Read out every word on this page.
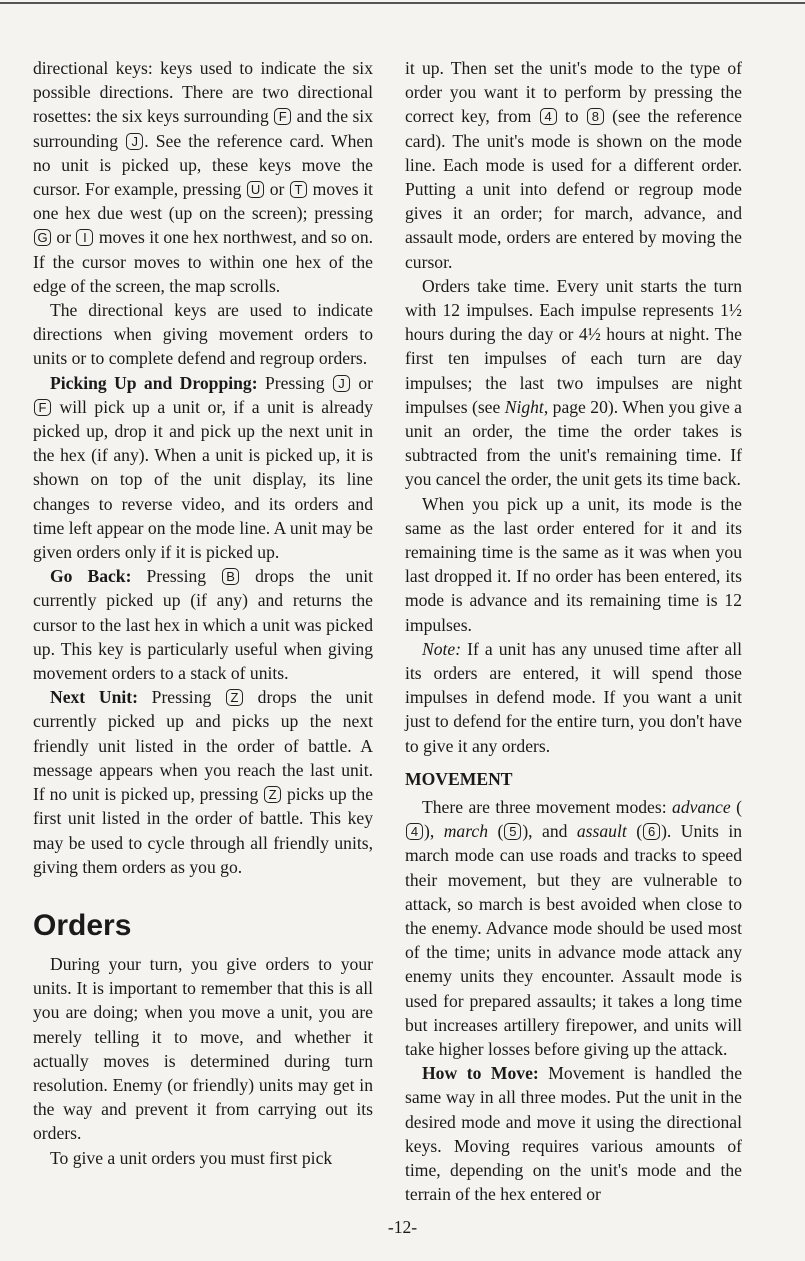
directional keys: keys used to indicate the six possible directions. There are two directional rosettes: the six keys surrounding F and the six surrounding J . See the reference card. When no unit is picked up, these keys move the cursor. For example, pressing U or T moves it one hex due west (up on the screen); pressing G or I moves it one hex northwest, and so on. If the cursor moves to within one hex of the edge of the screen, the map scrolls.

The directional keys are used to indicate directions when giving movement orders to units or to complete defend and regroup orders.

Picking Up and Dropping: Pressing J or F will pick up a unit or, if a unit is already picked up, drop it and pick up the next unit in the hex (if any). When a unit is picked up, it is shown on top of the unit display, its line changes to reverse video, and its orders and time left appear on the mode line. A unit may be given orders only if it is picked up.

Go Back: Pressing B drops the unit currently picked up (if any) and returns the cursor to the last hex in which a unit was picked up. This key is particularly useful when giving movement orders to a stack of units.

Next Unit: Pressing Z drops the unit currently picked up and picks up the next friendly unit listed in the order of battle. A message appears when you reach the last unit. If no unit is picked up, pressing Z picks up the first unit listed in the order of battle. This key may be used to cycle through all friendly units, giving them orders as you go.

Orders

During your turn, you give orders to your units. It is important to remember that this is all you are doing; when you move a unit, you are merely telling it to move, and whether it actually moves is determined during turn resolution. Enemy (or friendly) units may get in the way and prevent it from carrying out its orders.

To give a unit orders you must first pick

it up. Then set the unit's mode to the type of order you want it to perform by pressing the correct key, from 4 to 8 (see the reference card). The unit's mode is shown on the mode line. Each mode is used for a different order. Putting a unit into defend or regroup mode gives it an order; for march, advance, and assault mode, orders are entered by moving the cursor.

Orders take time. Every unit starts the turn with 12 impulses. Each impulse represents 1½ hours during the day or 4½ hours at night. The first ten impulses of each turn are day impulses; the last two impulses are night impulses (see Night, page 20). When you give a unit an order, the time the order takes is subtracted from the unit's remaining time. If you cancel the order, the unit gets its time back.

When you pick up a unit, its mode is the same as the last order entered for it and its remaining time is the same as it was when you last dropped it. If no order has been entered, its mode is advance and its remaining time is 12 impulses.

Note: If a unit has any unused time after all its orders are entered, it will spend those impulses in defend mode. If you want a unit just to defend for the entire turn, you don't have to give it any orders.

MOVEMENT

There are three movement modes: advance (4 ), march ( 5 ), and assault ( 6 ). Units in march mode can use roads and tracks to speed their movement, but they are vulnerable to attack, so march is best avoided when close to the enemy. Advance mode should be used most of the time; units in advance mode attack any enemy units they encounter. Assault mode is used for prepared assaults; it takes a long time but increases artillery firepower, and units will take higher losses before giving up the attack.

How to Move: Movement is handled the same way in all three modes. Put the unit in the desired mode and move it using the directional keys. Moving requires various amounts of time, depending on the unit's mode and the terrain of the hex entered or

-12-
